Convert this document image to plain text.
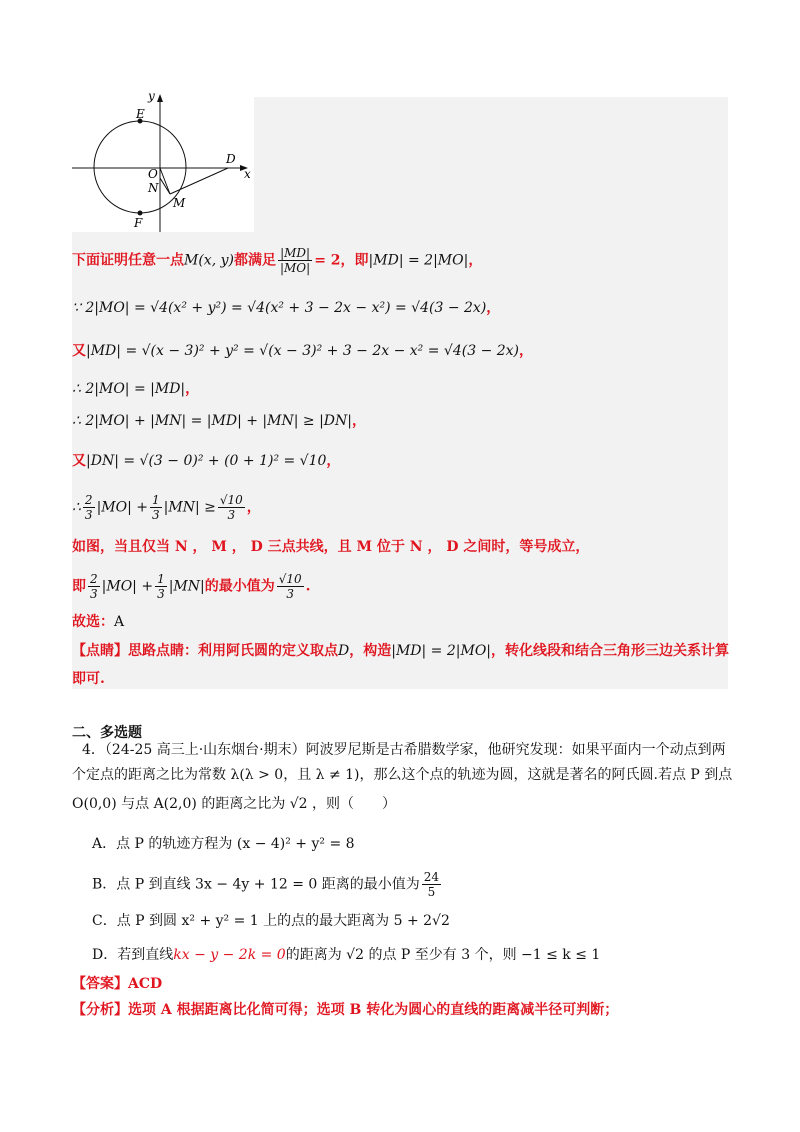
y
x
E
F
O
N
M
D
下面证明任意一点M(x, y)都满足 $\frac{|MD|}{|MO|} = 2$，即|MD| = 2|MO|，
∵ 2|MO| = √4(x² + y²) = √4(x² + 3 − 2x − x²) = √4(3 − 2x)，
又|MD| = √(x − 3)² + y² = √(x − 3)² + 3 − 2x − x² = √4(3 − 2x)，
∴ 2|MO| = |MD|，
∴ 2|MO| + |MN| = |MD| + |MN| ≥ |DN|，
又|DN| = √(3 − 0)² + (0 + 1)² = √10，
∴ $\frac{2}{3} |MO| + \frac{1}{3} |MN| \ge \frac{√10}{3}$ ，
如图，当且仅当 N ， M ， D 三点共线，且 M 位于 N ， D 之间时，等号成立，
即 $\frac{2}{3} |MO| + \frac{1}{3} |MN|$的最小值为 $\frac{√10}{3}$ .
故选：A
【点睛】思路点睛：利用阿氏圆的定义取点D，构造|MD| = 2|MO|，转化线段和结合三角形三边关系计算
即可.
二、多选题
4．（24-25 高三上·山东烟台·期末）阿波罗尼斯是古希腊数学家，他研究发现：如果平面内一个动点到两
个定点的距离之比为常数 λ(λ > 0，且 λ ≠ 1)，那么这个点的轨迹为圆，这就是著名的阿氏圆.若点 P 到点
O(0,0) 与点 A(2,0) 的距离之比为 √2 ，则（　　）
A．点 P 的轨迹方程为 (x − 4)² + y² = 8
B．点 P 到直线 3x − 4y + 12 = 0 距离的最小值为 $\frac{24}{5}$
C．点 P 到圆 x² + y² = 1 上的点的最大距离为 5 + 2√2
D．若到直线kx − y − 2k = 0的距离为 √2 的点 P 至少有 3 个，则 −1 ≤ k ≤ 1
【答案】ACD
【分析】选项 A 根据距离比化简可得；选项 B 转化为圆心的直线的距离减半径可判断；
